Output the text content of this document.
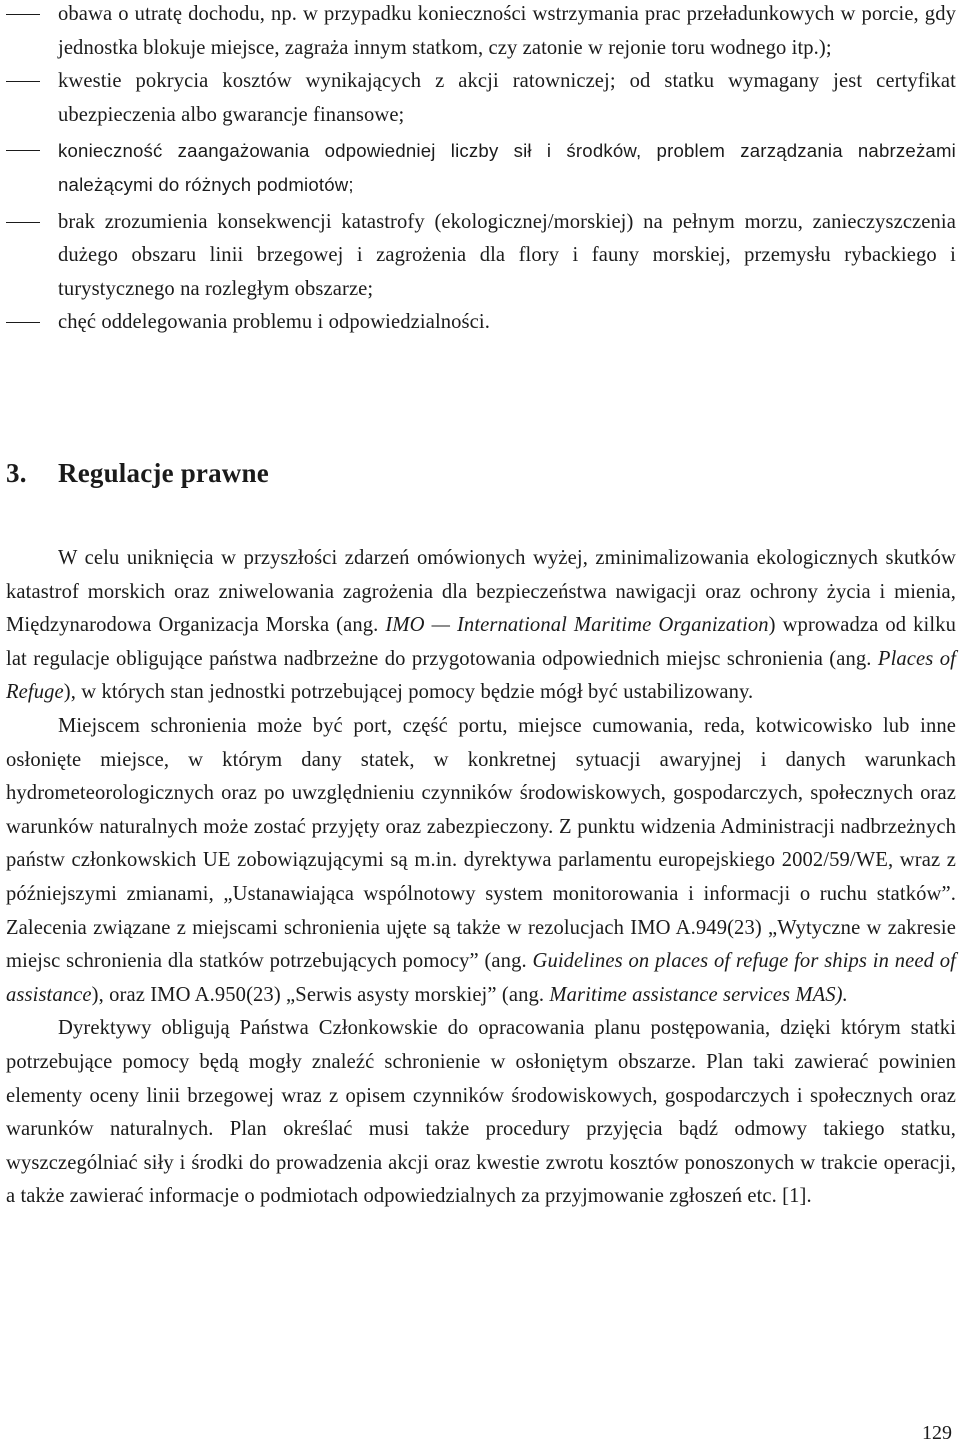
obawa o utratę dochodu, np. w przypadku konieczności wstrzymania prac przeładunkowych w porcie, gdy jednostka blokuje miejsce, zagraża innym statkom, czy zatonie w rejonie toru wodnego itp.);
kwestie pokrycia kosztów wynikających z akcji ratowniczej; od statku wymagany jest certyfikat ubezpieczenia albo gwarancje finansowe;
konieczność zaangażowania odpowiedniej liczby sił i środków, problem zarządzania nabrzeżami należącymi do różnych podmiotów;
brak zrozumienia konsekwencji katastrofy (ekologicznej/morskiej) na pełnym morzu, zanieczyszczenia dużego obszaru linii brzegowej i zagrożenia dla flory i fauny morskiej, przemysłu rybackiego i turystycznego na rozległym obszarze;
chęć oddelegowania problemu i odpowiedzialności.
3. Regulacje prawne

W celu uniknięcia w przyszłości zdarzeń omówionych wyżej, zminimalizowania ekologicznych skutków katastrof morskich oraz zniwelowania zagrożenia dla bezpieczeństwa nawigacji oraz ochrony życia i mienia, Międzynarodowa Organizacja Morska (ang. IMO — International Maritime Organization) wprowadza od kilku lat regulacje obligujące państwa nadbrzeżne do przygotowania odpowiednich miejsc schronienia (ang. Places of Refuge), w których stan jednostki potrzebującej pomocy będzie mógł być ustabilizowany.

Miejscem schronienia może być port, część portu, miejsce cumowania, reda, kotwicowisko lub inne osłonięte miejsce, w którym dany statek, w konkretnej sytuacji awaryjnej i danych warunkach hydrometeorologicznych oraz po uwzględnieniu czynników środowiskowych, gospodarczych, społecznych oraz warunków naturalnych może zostać przyjęty oraz zabezpieczony. Z punktu widzenia Administracji nadbrzeżnych państw członkowskich UE zobowiązującymi są m.in. dyrektywa parlamentu europejskiego 2002/59/WE, wraz z późniejszymi zmianami, „Ustanawiająca wspólnotowy system monitorowania i informacji o ruchu statków”. Zalecenia związane z miejscami schronienia ujęte są także w rezolucjach IMO A.949(23) „Wytyczne w zakresie miejsc schronienia dla statków potrzebujących pomocy” (ang. Guidelines on places of refuge for ships in need of assistance), oraz IMO A.950(23) „Serwis asysty morskiej” (ang. Maritime assistance services MAS).

Dyrektywy obligują Państwa Członkowskie do opracowania planu postępowania, dzięki którym statki potrzebujące pomocy będą mogły znaleźć schronienie w osłoniętym obszarze. Plan taki zawierać powinien elementy oceny linii brzegowej wraz z opisem czynników środowiskowych, gospodarczych i społecznych oraz warunków naturalnych. Plan określać musi także procedury przyjęcia bądź odmowy takiego statku, wyszczególniać siły i środki do prowadzenia akcji oraz kwestie zwrotu kosztów ponoszonych w trakcie operacji, a także zawierać informacje o podmiotach odpowiedzialnych za przyjmowanie zgłoszeń etc. [1].

129
